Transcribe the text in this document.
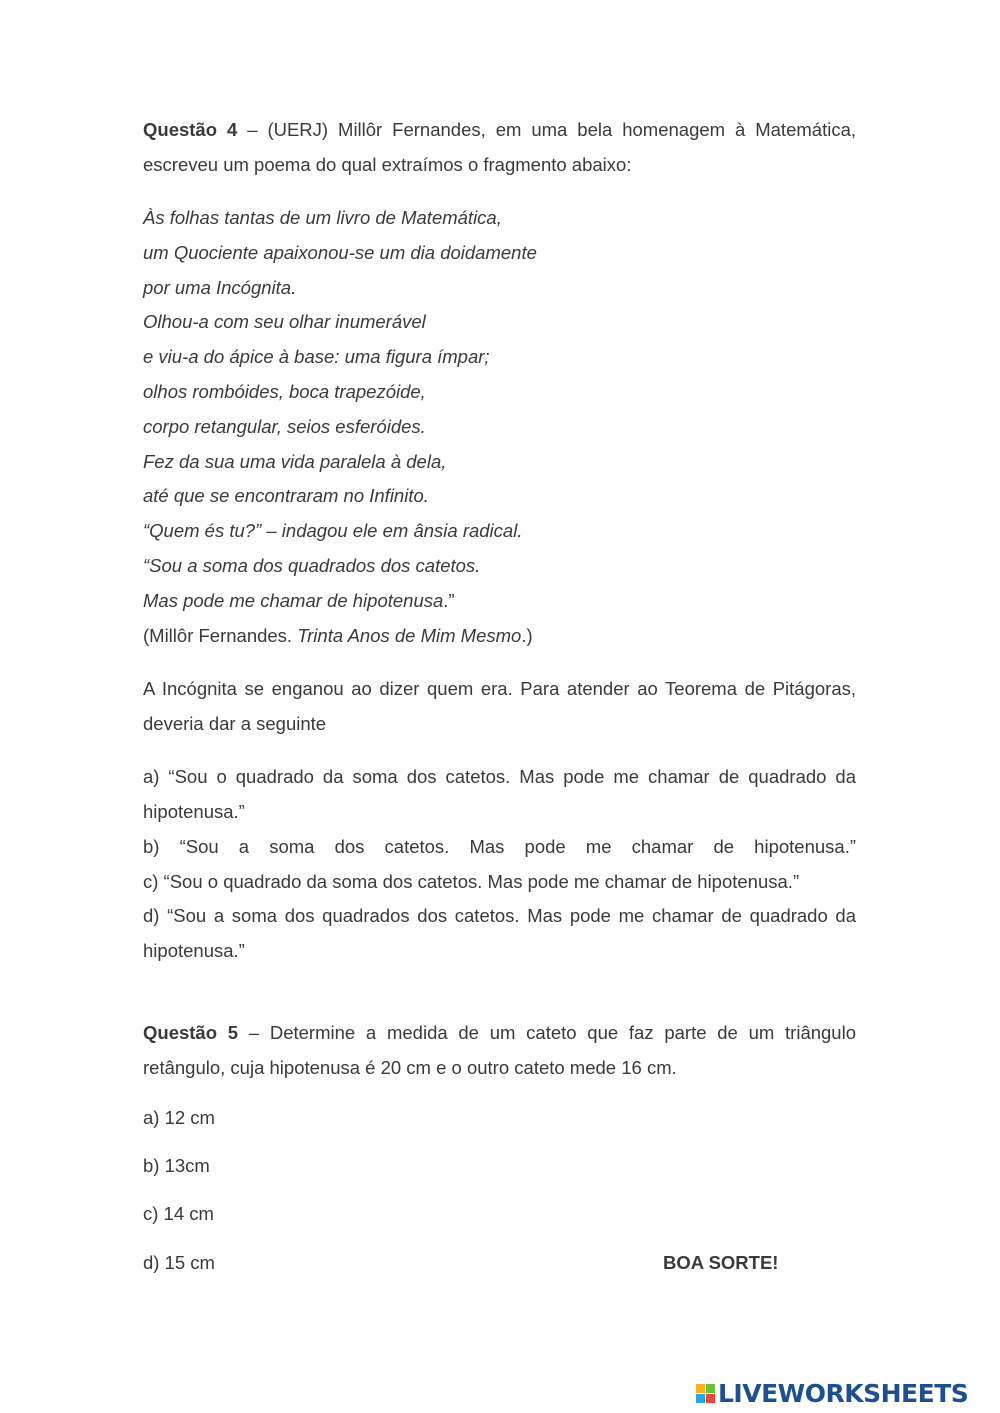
Questão 4 – (UERJ) Millôr Fernandes, em uma bela homenagem à Matemática, escreveu um poema do qual extraímos o fragmento abaixo:
Às folhas tantas de um livro de Matemática,
um Quociente apaixonou-se um dia doidamente
por uma Incógnita.
Olhou-a com seu olhar inumerável
e viu-a do ápice à base: uma figura ímpar;
olhos rombóides, boca trapezóide,
corpo retangular, seios esferóides.
Fez da sua uma vida paralela à dela,
até que se encontraram no Infinito.
“Quem és tu?” – indagou ele em ânsia radical.
“Sou a soma dos quadrados dos catetos.
Mas pode me chamar de hipotenusa.”
(Millôr Fernandes. Trinta Anos de Mim Mesmo.)
A Incógnita se enganou ao dizer quem era. Para atender ao Teorema de Pitágoras, deveria dar a seguinte
a) “Sou o quadrado da soma dos catetos. Mas pode me chamar de quadrado da hipotenusa.”
b) “Sou a soma dos catetos. Mas pode me chamar de hipotenusa.”
c) “Sou o quadrado da soma dos catetos. Mas pode me chamar de hipotenusa.”
d) “Sou a soma dos quadrados dos catetos. Mas pode me chamar de quadrado da hipotenusa.”
Questão 5 – Determine a medida de um cateto que faz parte de um triângulo retângulo, cuja hipotenusa é 20 cm e o outro cateto mede 16 cm.
a) 12 cm
b) 13cm
c) 14 cm
d) 15 cm	BOA SORTE!
LIVEWORKSHEETS
